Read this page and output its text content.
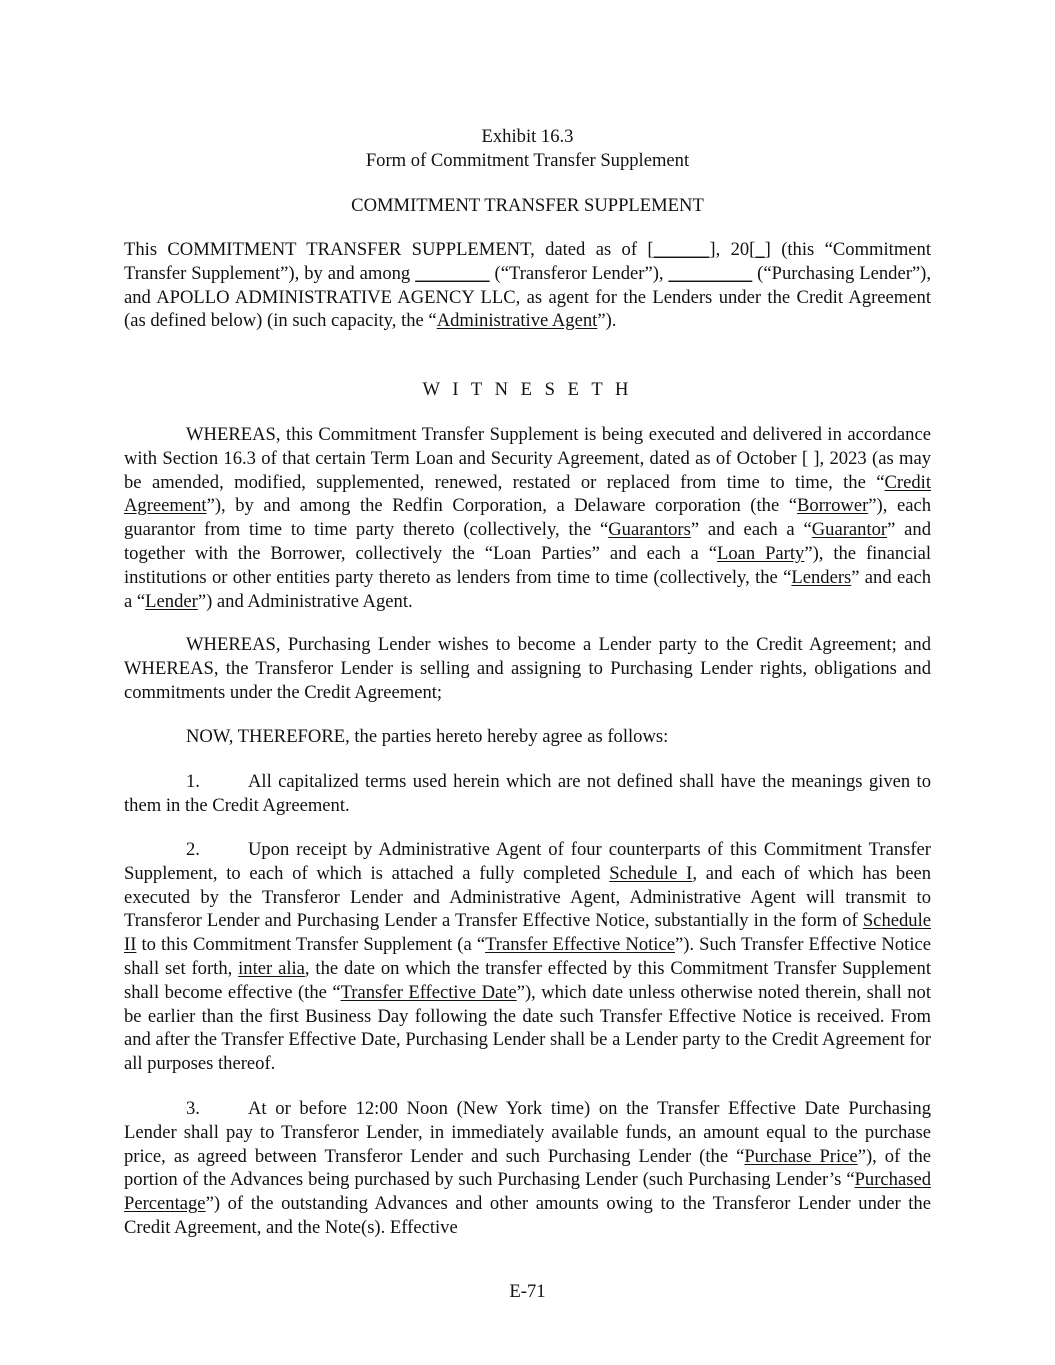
Exhibit 16.3
Form of Commitment Transfer Supplement
COMMITMENT TRANSFER SUPPLEMENT

This COMMITMENT TRANSFER SUPPLEMENT, dated as of [______], 20[_] (this “Commitment Transfer Supplement”), by and among ________ (“Transferor Lender”), _________ (“Purchasing Lender”), and APOLLO ADMINISTRATIVE AGENCY LLC, as agent for the Lenders under the Credit Agreement (as defined below) (in such capacity, the “Administrative Agent”).

W I T N E S E T H

WHEREAS, this Commitment Transfer Supplement is being executed and delivered in accordance with Section 16.3 of that certain Term Loan and Security Agreement, dated as of October [ ], 2023 (as may be amended, modified, supplemented, renewed, restated or replaced from time to time, the “Credit Agreement”), by and among the Redfin Corporation, a Delaware corporation (the “Borrower”), each guarantor from time to time party thereto (collectively, the “Guarantors” and each a “Guarantor” and together with the Borrower, collectively the “Loan Parties” and each a “Loan Party”), the financial institutions or other entities party thereto as lenders from time to time (collectively, the “Lenders” and each a “Lender”) and Administrative Agent.

WHEREAS, Purchasing Lender wishes to become a Lender party to the Credit Agreement; and WHEREAS, the Transferor Lender is selling and assigning to Purchasing Lender rights, obligations and commitments under the Credit Agreement;

NOW, THEREFORE, the parties hereto hereby agree as follows:

1.	All capitalized terms used herein which are not defined shall have the meanings given to them in the Credit Agreement.

2.	Upon receipt by Administrative Agent of four counterparts of this Commitment Transfer Supplement, to each of which is attached a fully completed Schedule I, and each of which has been executed by the Transferor Lender and Administrative Agent, Administrative Agent will transmit to Transferor Lender and Purchasing Lender a Transfer Effective Notice, substantially in the form of Schedule II to this Commitment Transfer Supplement (a “Transfer Effective Notice”). Such Transfer Effective Notice shall set forth, inter alia, the date on which the transfer effected by this Commitment Transfer Supplement shall become effective (the “Transfer Effective Date”), which date unless otherwise noted therein, shall not be earlier than the first Business Day following the date such Transfer Effective Notice is received. From and after the Transfer Effective Date, Purchasing Lender shall be a Lender party to the Credit Agreement for all purposes thereof.

3.	At or before 12:00 Noon (New York time) on the Transfer Effective Date Purchasing Lender shall pay to Transferor Lender, in immediately available funds, an amount equal to the purchase price, as agreed between Transferor Lender and such Purchasing Lender (the “Purchase Price”), of the portion of the Advances being purchased by such Purchasing Lender (such Purchasing Lender’s “Purchased Percentage”) of the outstanding Advances and other amounts owing to the Transferor Lender under the Credit Agreement, and the Note(s). Effective

E-71
